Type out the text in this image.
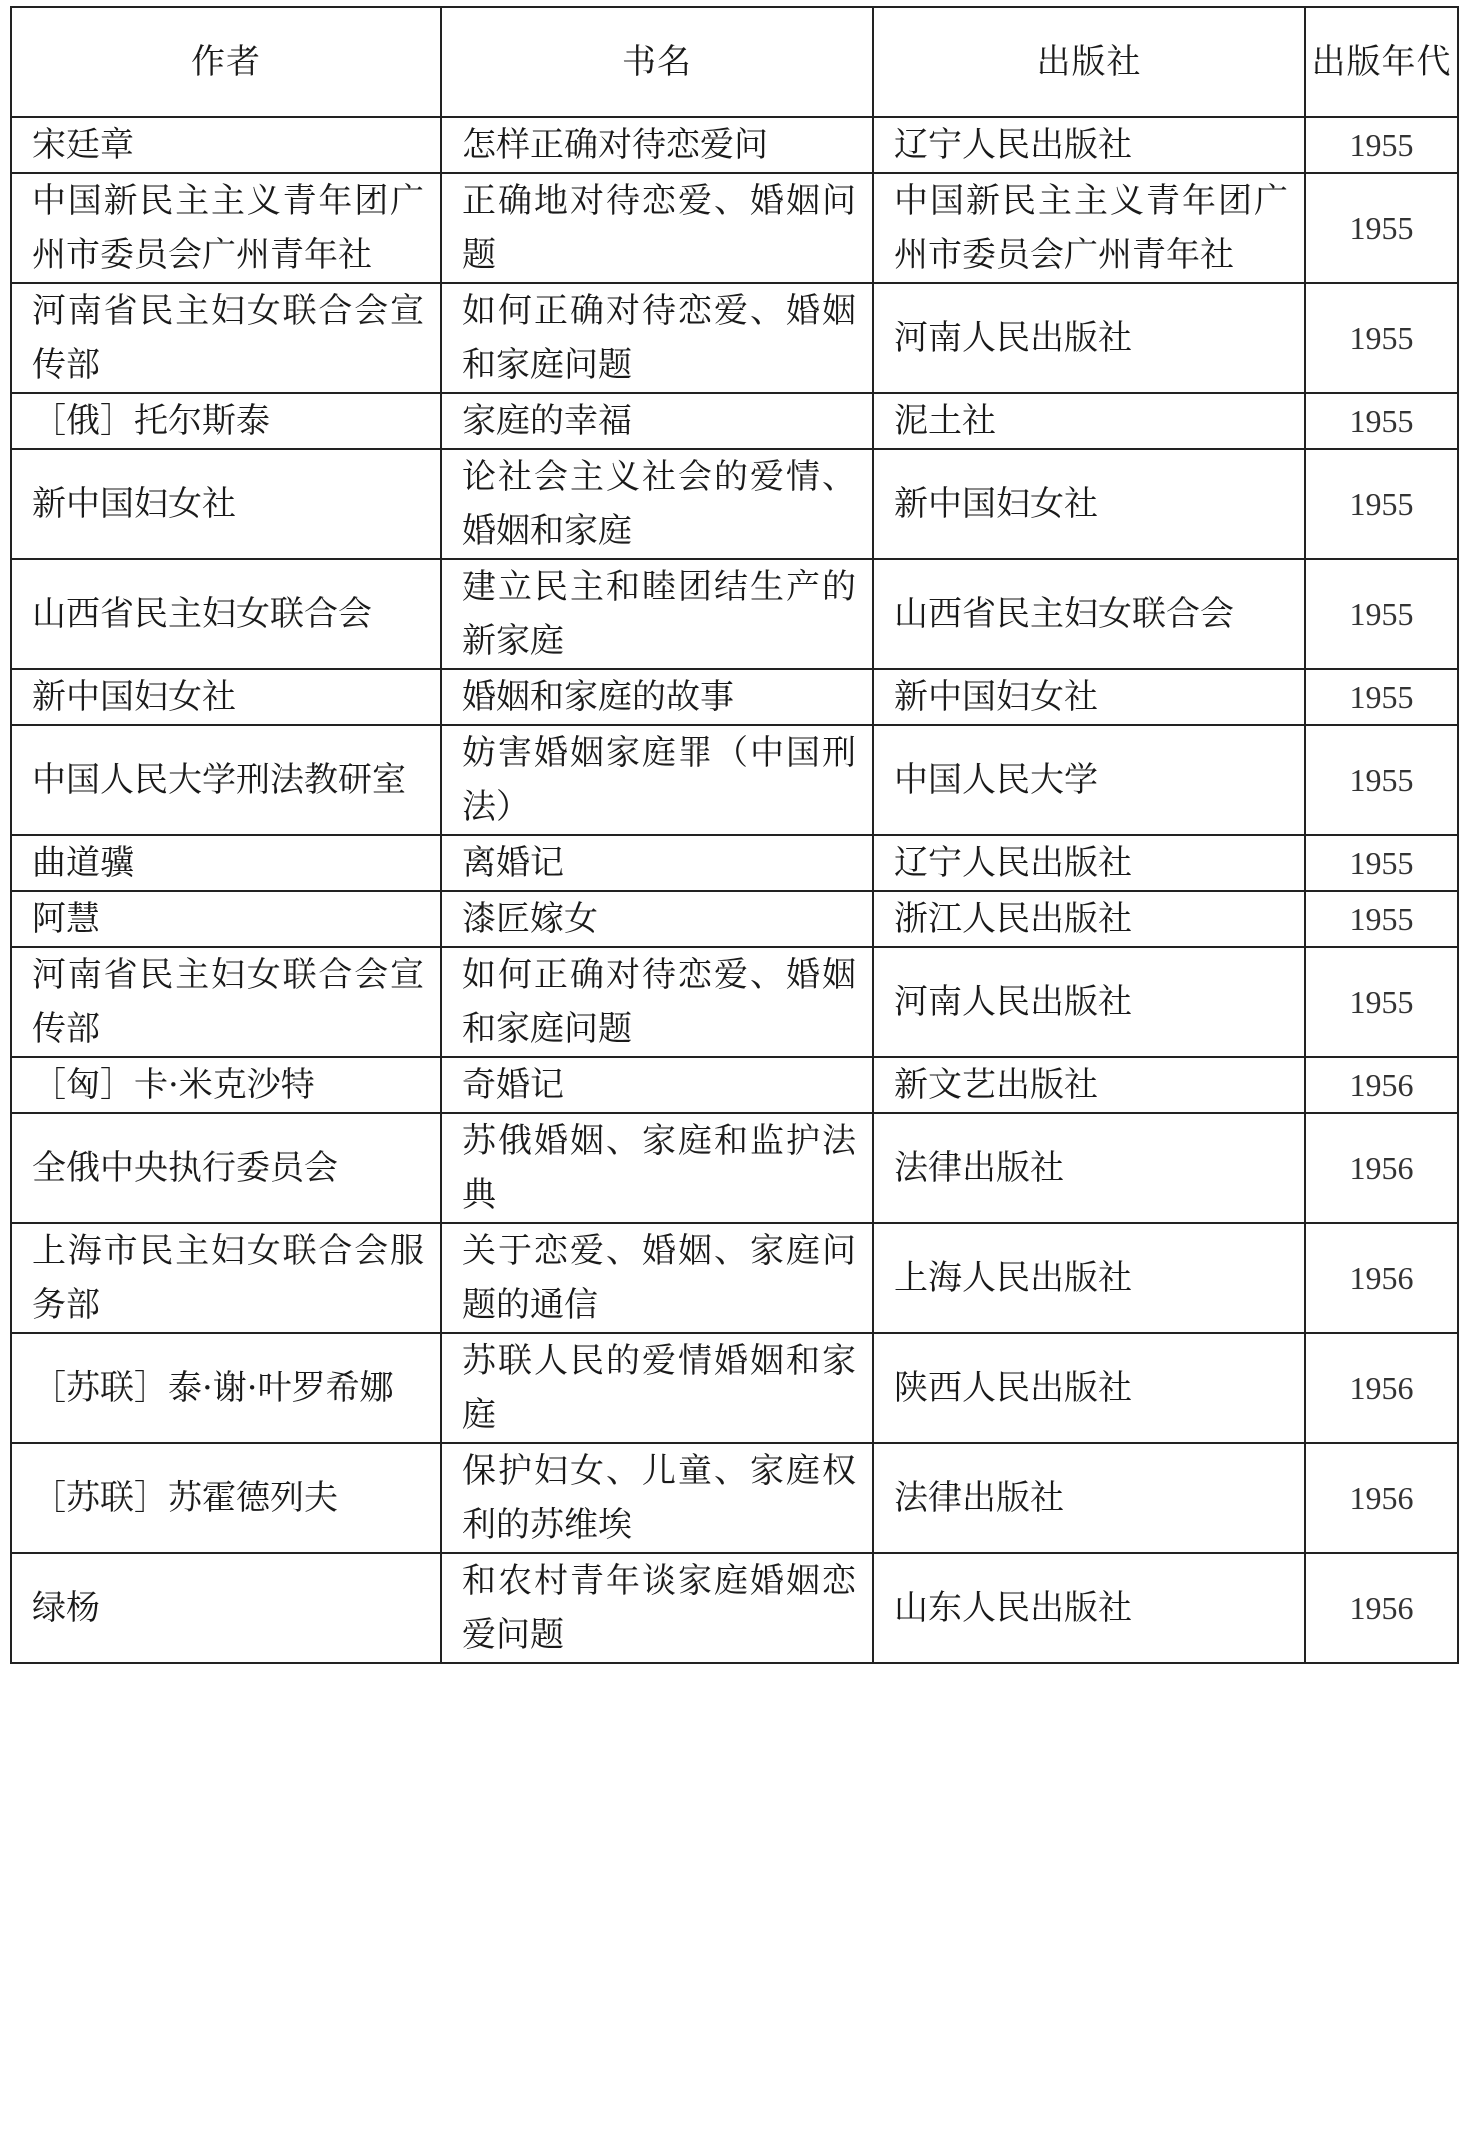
作者	书名	出版社	出版年代
宋廷章	怎样正确对待恋爱问	辽宁人民出版社	1955
中国新民主主义青年团广州市委员会广州青年社	正确地对待恋爱、婚姻问题	中国新民主主义青年团广州市委员会广州青年社	1955
河南省民主妇女联合会宣传部	如何正确对待恋爱、婚姻和家庭问题	河南人民出版社	1955
［俄］托尔斯泰	家庭的幸福	泥土社	1955
新中国妇女社	论社会主义社会的爱情、婚姻和家庭	新中国妇女社	1955
山西省民主妇女联合会	建立民主和睦团结生产的新家庭	山西省民主妇女联合会	1955
新中国妇女社	婚姻和家庭的故事	新中国妇女社	1955
中国人民大学刑法教研室	妨害婚姻家庭罪（中国刑法）	中国人民大学	1955
曲道骥	离婚记	辽宁人民出版社	1955
阿慧	漆匠嫁女	浙江人民出版社	1955
河南省民主妇女联合会宣传部	如何正确对待恋爱、婚姻和家庭问题	河南人民出版社	1955
［匈］卡·米克沙特	奇婚记	新文艺出版社	1956
全俄中央执行委员会	苏俄婚姻、家庭和监护法典	法律出版社	1956
上海市民主妇女联合会服务部	关于恋爱、婚姻、家庭问题的通信	上海人民出版社	1956
［苏联］泰·谢·叶罗希娜	苏联人民的爱情婚姻和家庭	陕西人民出版社	1956
［苏联］苏霍德列夫	保护妇女、儿童、家庭权利的苏维埃	法律出版社	1956
绿杨	和农村青年谈家庭婚姻恋爱问题	山东人民出版社	1956
